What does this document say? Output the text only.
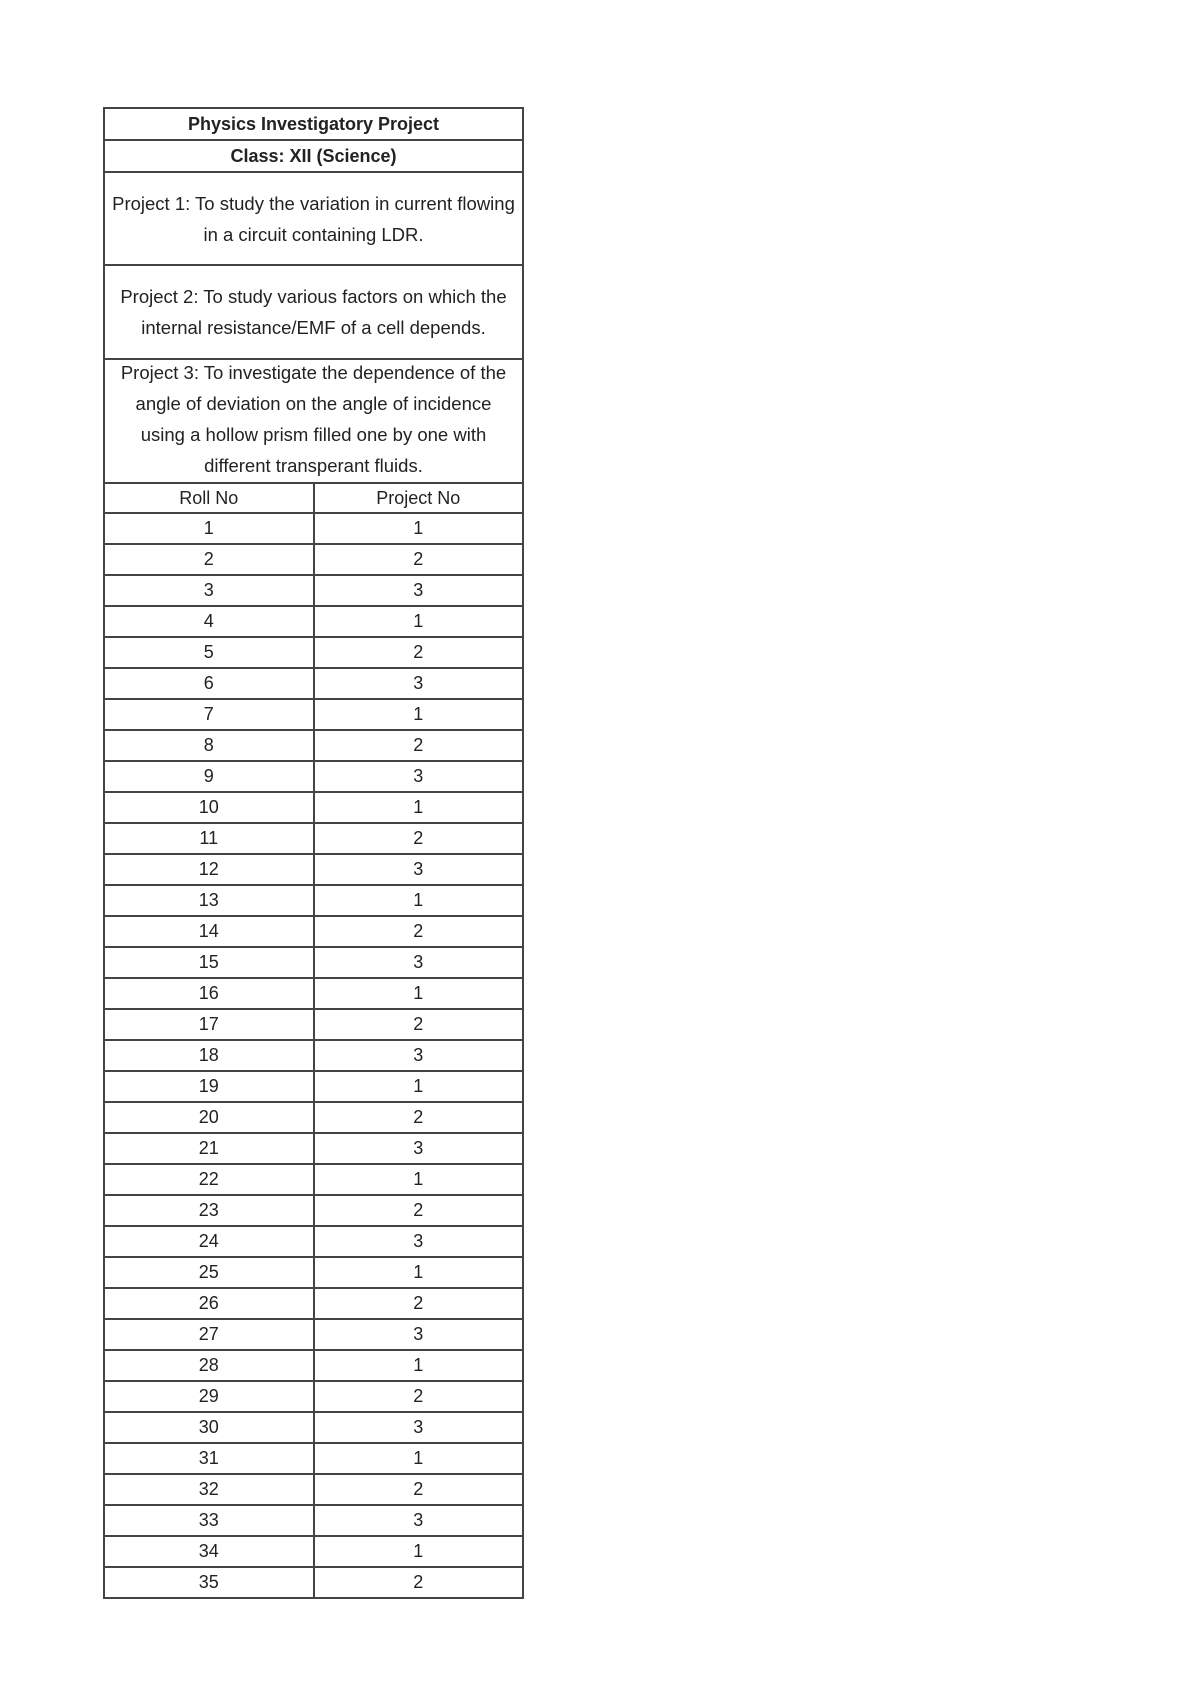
Physics Investigatory Project
Class: XII (Science)
Project 1: To study the variation in current flowing in a circuit containing LDR.
Project 2: To study various factors on which the internal resistance/EMF of a cell depends.
Project 3: To investigate the dependence of the angle of deviation on the angle of incidence using a hollow prism filled one by one with different transperant fluids.
Roll No	Project No
1	1
2	2
3	3
4	1
5	2
6	3
7	1
8	2
9	3
10	1
11	2
12	3
13	1
14	2
15	3
16	1
17	2
18	3
19	1
20	2
21	3
22	1
23	2
24	3
25	1
26	2
27	3
28	1
29	2
30	3
31	1
32	2
33	3
34	1
35	2
